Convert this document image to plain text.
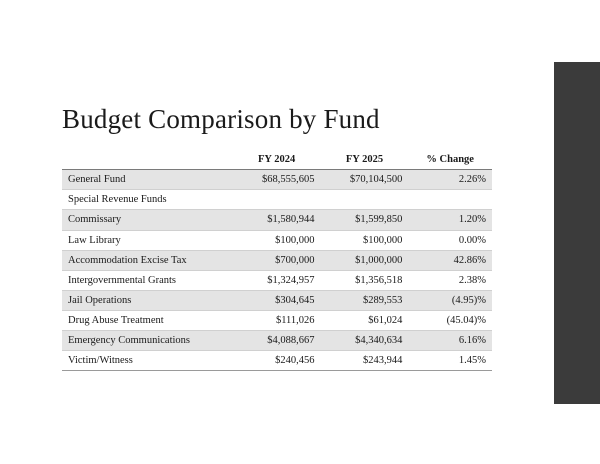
Budget Comparison by Fund
	FY 2024	FY 2025	% Change
General Fund	$68,555,605	$70,104,500	2.26%
Special Revenue Funds			
Commissary	$1,580,944	$1,599,850	1.20%
Law Library	$100,000	$100,000	0.00%
Accommodation Excise Tax	$700,000	$1,000,000	42.86%
Intergovernmental Grants	$1,324,957	$1,356,518	2.38%
Jail Operations	$304,645	$289,553	(4.95)%
Drug Abuse Treatment	$111,026	$61,024	(45.04)%
Emergency Communications	$4,088,667	$4,340,634	6.16%
Victim/Witness	$240,456	$243,944	1.45%
